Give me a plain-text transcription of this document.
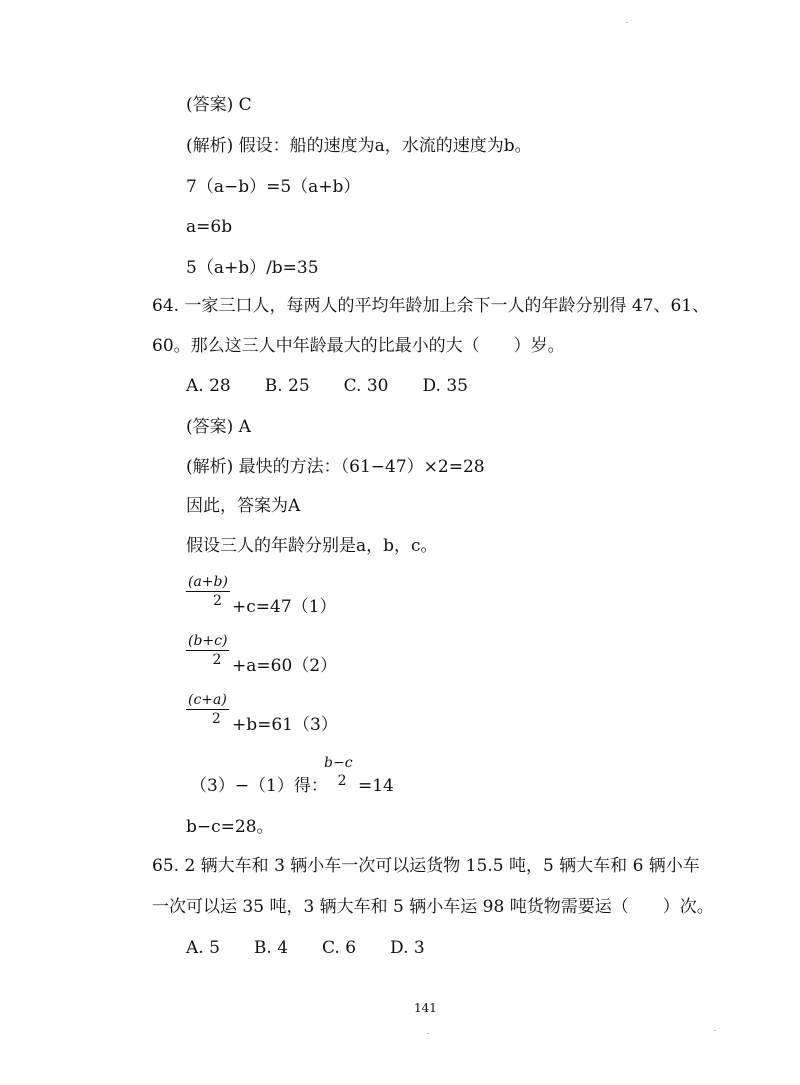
(答案) C
(解析) 假设：船的速度为a，水流的速度为b。
7（a−b）=5（a+b）
a=6b
5（a+b）/b=35
64. 一家三口人，每两人的平均年龄加上余下一人的年龄分别得 47、61、
60。那么这三人中年龄最大的比最小的大（　　）岁。
A. 28　　B. 25　　C. 30　　D. 35
(答案) A
(解析) 最快的方法：（61−47）×2=28
因此，答案为A
假设三人的年龄分别是a，b，c。
$\frac{(a+b)}{2} +c=47(1)$
$\frac{(b+c)}{2} +a=60(2)$
$\frac{(c+a)}{2} +b=61(3)$
（3）−（1）得：
b−c
2 =14
b−c=28。
65. 2 辆大车和 3 辆小车一次可以运货物 15.5 吨，5 辆大车和 6 辆小车
一次可以运 35 吨，3 辆大车和 5 辆小车运 98 吨货物需要运（　　）次。
A. 5　　B. 4　　C. 6　　D. 3
141
